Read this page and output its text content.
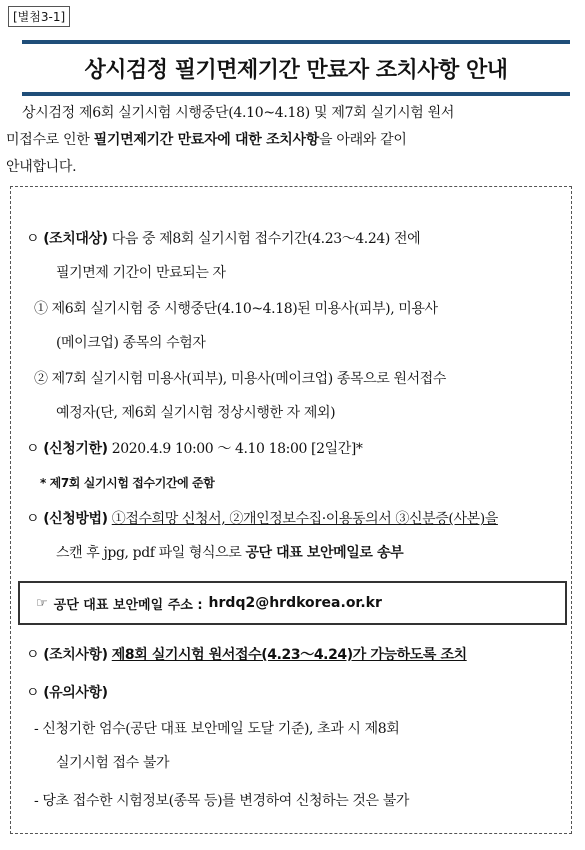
[별첨3-1]
상시검정 필기면제기간 만료자 조치사항 안내
상시검정 제6회 실기시험 시행중단(4.10~4.18) 및 제7회 실기시험 원서
미접수로 인한 필기면제기간 만료자에 대한 조치사항을 아래와 같이
안내합니다.
ㅇ (조치대상) 다음 중 제8회 실기시험 접수기간(4.23～4.24) 전에
필기면제 기간이 만료되는 자
① 제6회 실기시험 중 시행중단(4.10~4.18)된 미용사(피부), 미용사
(메이크업) 종목의 수험자
② 제7회 실기시험 미용사(피부), 미용사(메이크업) 종목으로 원서접수
예정자(단, 제6회 실기시험 정상시행한 자 제외)
ㅇ (신청기한) 2020.4.9 10:00 ～ 4.10 18:00 [2일간]*
* 제7회 실기시험 접수기간에 준함
ㅇ (신청방법) ①접수희망 신청서, ②개인정보수집·이용동의서 ③신분증(사본)을
스캔 후 jpg, pdf 파일 형식으로 공단 대표 보안메일로 송부
☞ 공단 대표 보안메일 주소 : hrdq2@hrdkorea.or.kr
ㅇ (조치사항) 제8회 실기시험 원서접수(4.23～4.24)가 가능하도록 조치
ㅇ (유의사항)
- 신청기한 엄수(공단 대표 보안메일 도달 기준), 초과 시 제8회
실기시험 접수 불가
- 당초 접수한 시험정보(종목 등)를 변경하여 신청하는 것은 불가
